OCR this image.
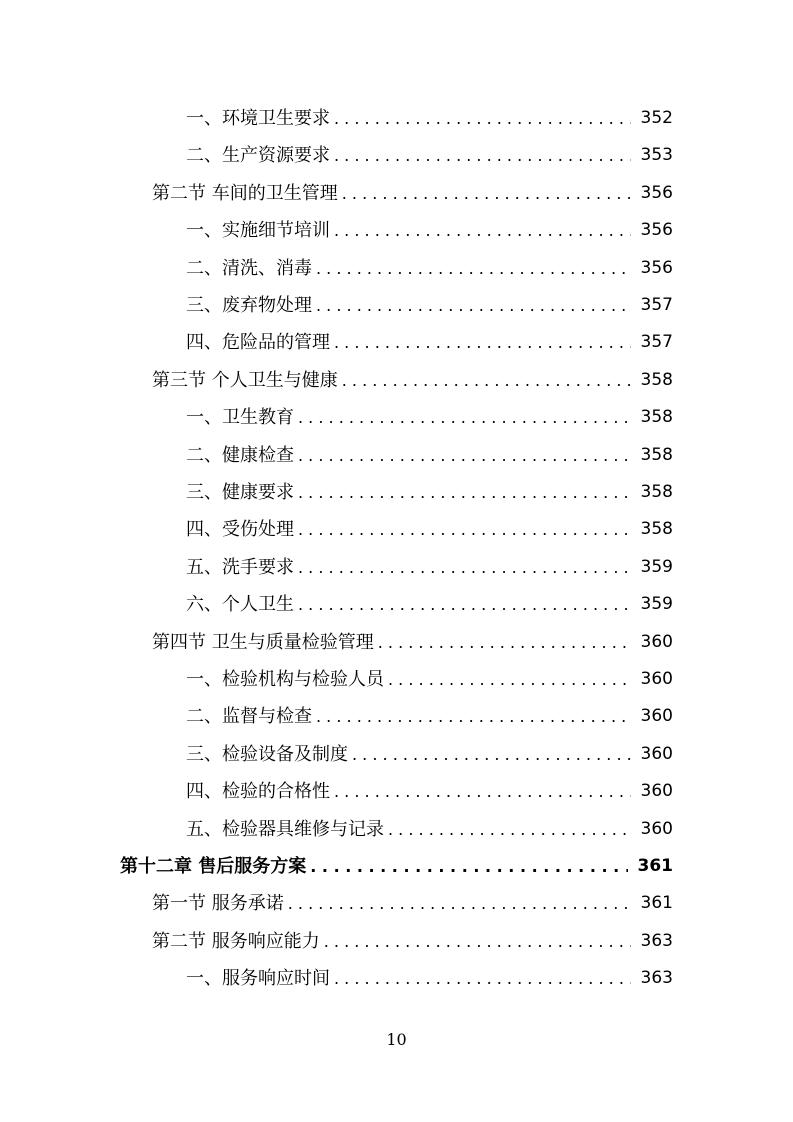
一、环境卫生要求 . . .	352
二、生产资源要求 . . .	353
第二节 车间的卫生管理 . . .	356
一、实施细节培训 . . .	356
二、清洗、消毒 . . .	356
三、废弃物处理 . . .	357
四、危险品的管理 . . .	357
第三节 个人卫生与健康 . . .	358
一、卫生教育 . . .	358
二、健康检查 . . .	358
三、健康要求 . . .	358
四、受伤处理 . . .	358
五、洗手要求 . . .	359
六、个人卫生 . . .	359
第四节 卫生与质量检验管理 . . .	360
一、检验机构与检验人员 . . .	360
二、监督与检查 . . .	360
三、检验设备及制度 . . .	360
四、检验的合格性 . . .	360
五、检验器具维修与记录 . . .	360
第十二章 售后服务方案 . . .	361
第一节 服务承诺 . . .	361
第二节 服务响应能力 . . .	363
一、服务响应时间 . . .	363
10
